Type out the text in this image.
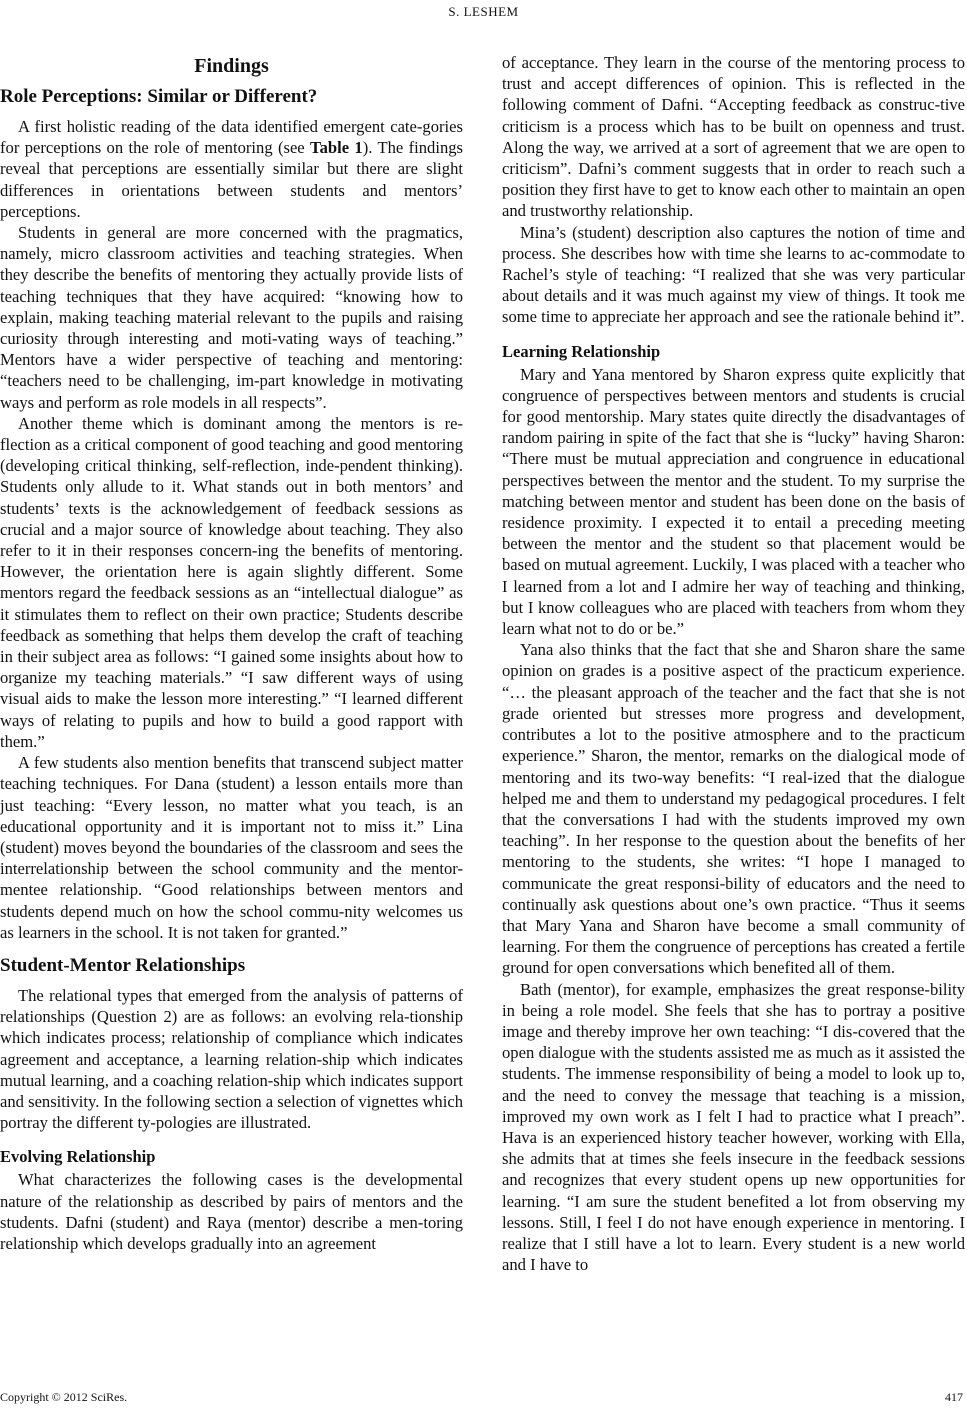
S. LESHEM
Findings
Role Perceptions: Similar or Different?

A first holistic reading of the data identified emergent cate-gories for perceptions on the role of mentoring (see Table 1). The findings reveal that perceptions are essentially similar but there are slight differences in orientations between students and mentors’ perceptions.

Students in general are more concerned with the pragmatics, namely, micro classroom activities and teaching strategies. When they describe the benefits of mentoring they actually provide lists of teaching techniques that they have acquired: “knowing how to explain, making teaching material relevant to the pupils and raising curiosity through interesting and moti-vating ways of teaching.” Mentors have a wider perspective of teaching and mentoring: “teachers need to be challenging, im-part knowledge in motivating ways and perform as role models in all respects”.

Another theme which is dominant among the mentors is re-flection as a critical component of good teaching and good mentoring (developing critical thinking, self-reflection, inde-pendent thinking). Students only allude to it. What stands out in both mentors’ and students’ texts is the acknowledgement of feedback sessions as crucial and a major source of knowledge about teaching. They also refer to it in their responses concern-ing the benefits of mentoring. However, the orientation here is again slightly different. Some mentors regard the feedback sessions as an “intellectual dialogue” as it stimulates them to reflect on their own practice; Students describe feedback as something that helps them develop the craft of teaching in their subject area as follows: “I gained some insights about how to organize my teaching materials.” “I saw different ways of using visual aids to make the lesson more interesting.” “I learned different ways of relating to pupils and how to build a good rapport with them.”

A few students also mention benefits that transcend subject matter teaching techniques. For Dana (student) a lesson entails more than just teaching: “Every lesson, no matter what you teach, is an educational opportunity and it is important not to miss it.” Lina (student) moves beyond the boundaries of the classroom and sees the interrelationship between the school community and the mentor-mentee relationship. “Good relationships between mentors and students depend much on how the school commu-nity welcomes us as learners in the school. It is not taken for granted.”

Student-Mentor Relationships

The relational types that emerged from the analysis of patterns of relationships (Question 2) are as follows: an evolving rela-tionship which indicates process; relationship of compliance which indicates agreement and acceptance, a learning relation-ship which indicates mutual learning, and a coaching relation-ship which indicates support and sensitivity. In the following section a selection of vignettes which portray the different ty-pologies are illustrated.

Evolving Relationship

What characterizes the following cases is the developmental nature of the relationship as described by pairs of mentors and the students. Dafni (student) and Raya (mentor) describe a men-toring relationship which develops gradually into an agreement

of acceptance. They learn in the course of the mentoring process to trust and accept differences of opinion. This is reflected in the following comment of Dafni. “Accepting feedback as construc-tive criticism is a process which has to be built on openness and trust. Along the way, we arrived at a sort of agreement that we are open to criticism”. Dafni’s comment suggests that in order to reach such a position they first have to get to know each other to maintain an open and trustworthy relationship.

Mina’s (student) description also captures the notion of time and process. She describes how with time she learns to ac-commodate to Rachel’s style of teaching: “I realized that she was very particular about details and it was much against my view of things. It took me some time to appreciate her approach and see the rationale behind it”.

Learning Relationship

Mary and Yana mentored by Sharon express quite explicitly that congruence of perspectives between mentors and students is crucial for good mentorship. Mary states quite directly the disadvantages of random pairing in spite of the fact that she is “lucky” having Sharon: “There must be mutual appreciation and congruence in educational perspectives between the mentor and the student. To my surprise the matching between mentor and student has been done on the basis of residence proximity. I expected it to entail a preceding meeting between the mentor and the student so that placement would be based on mutual agreement. Luckily, I was placed with a teacher who I learned from a lot and I admire her way of teaching and thinking, but I know colleagues who are placed with teachers from whom they learn what not to do or be.”

Yana also thinks that the fact that she and Sharon share the same opinion on grades is a positive aspect of the practicum experience. “… the pleasant approach of the teacher and the fact that she is not grade oriented but stresses more progress and development, contributes a lot to the positive atmosphere and to the practicum experience.” Sharon, the mentor, remarks on the dialogical mode of mentoring and its two-way benefits: “I real-ized that the dialogue helped me and them to understand my pedagogical procedures. I felt that the conversations I had with the students improved my own teaching”. In her response to the question about the benefits of her mentoring to the students, she writes: “I hope I managed to communicate the great responsi-bility of educators and the need to continually ask questions about one’s own practice. “Thus it seems that Mary Yana and Sharon have become a small community of learning. For them the congruence of perceptions has created a fertile ground for open conversations which benefited all of them.

Bath (mentor), for example, emphasizes the great response-bility in being a role model. She feels that she has to portray a positive image and thereby improve her own teaching: “I dis-covered that the open dialogue with the students assisted me as much as it assisted the students. The immense responsibility of being a model to look up to, and the need to convey the message that teaching is a mission, improved my own work as I felt I had to practice what I preach”. Hava is an experienced history teacher however, working with Ella, she admits that at times she feels insecure in the feedback sessions and recognizes that every student opens up new opportunities for learning. “I am sure the student benefited a lot from observing my lessons. Still, I feel I do not have enough experience in mentoring. I realize that I still have a lot to learn. Every student is a new world and I have to

Copyright © 2012 SciRes.	417
